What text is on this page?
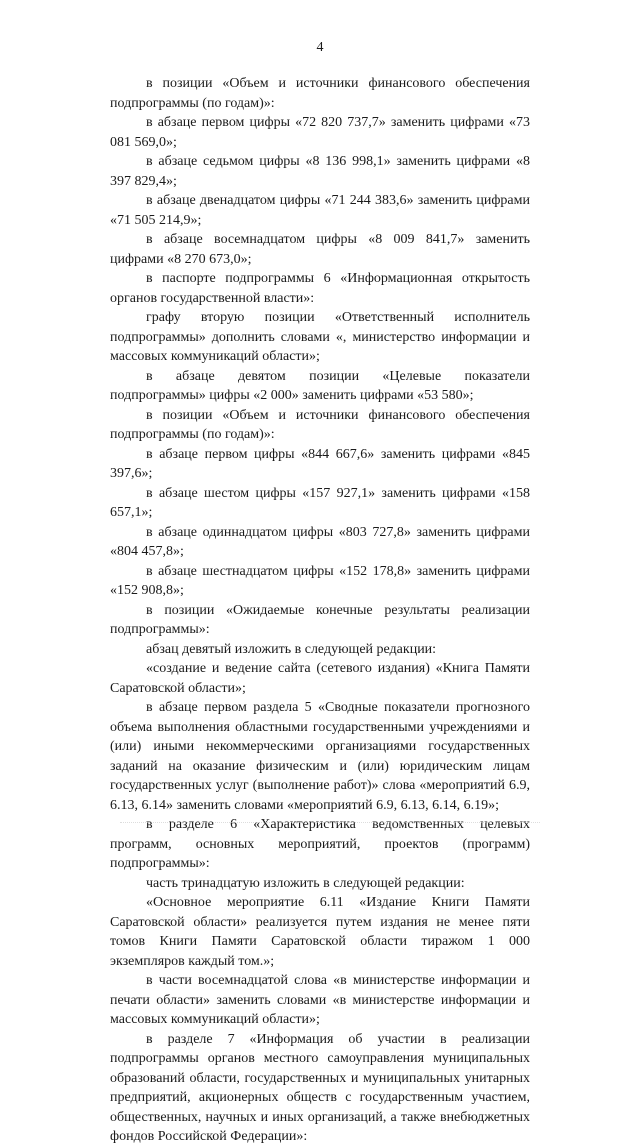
4

в позиции «Объем и источники финансового обеспечения подпрограммы (по годам)»:

в абзаце первом цифры «72 820 737,7» заменить цифрами «73 081 569,0»;

в абзаце седьмом цифры «8 136 998,1» заменить цифрами «8 397 829,4»;

в абзаце двенадцатом цифры «71 244 383,6» заменить цифрами «71 505 214,9»;

в абзаце восемнадцатом цифры «8 009 841,7» заменить цифрами «8 270 673,0»;

в паспорте подпрограммы 6 «Информационная открытость органов государственной власти»:

графу вторую позиции «Ответственный исполнитель подпрограммы» дополнить словами «, министерство информации и массовых коммуникаций области»;

в абзаце девятом позиции «Целевые показатели подпрограммы» цифры «2 000» заменить цифрами «53 580»;

в позиции «Объем и источники финансового обеспечения подпрограммы (по годам)»:

в абзаце первом цифры «844 667,6» заменить цифрами «845 397,6»;

в абзаце шестом цифры «157 927,1» заменить цифрами «158 657,1»;

в абзаце одиннадцатом цифры «803 727,8» заменить цифрами «804 457,8»;

в абзаце шестнадцатом цифры «152 178,8» заменить цифрами «152 908,8»;

в позиции «Ожидаемые конечные результаты реализации подпрограммы»:

абзац девятый изложить в следующей редакции:

«создание и ведение сайта (сетевого издания) «Книга Памяти Саратовской области»;

в абзаце первом раздела 5 «Сводные показатели прогнозного объема выполнения областными государственными учреждениями и (или) иными некоммерческими организациями государственных заданий на оказание физическим и (или) юридическим лицам государственных услуг (выполнение работ)» слова «мероприятий 6.9, 6.13, 6.14» заменить словами «мероприятий 6.9, 6.13, 6.14, 6.19»;

в разделе 6 «Характеристика ведомственных целевых программ, основных мероприятий, проектов (программ) подпрограммы»:

часть тринадцатую изложить в следующей редакции:

«Основное мероприятие 6.11 «Издание Книги Памяти Саратовской области» реализуется путем издания не менее пяти томов Книги Памяти Саратовской области тиражом 1 000 экземпляров каждый том.»;

в части восемнадцатой слова «в министерстве информации и печати области» заменить словами «в министерстве информации и массовых коммуникаций области»;

в разделе 7 «Информация об участии в реализации подпрограммы органов местного самоуправления муниципальных образований области, государственных и муниципальных унитарных предприятий, акционерных обществ с государственным участием, общественных, научных и иных организаций, а также внебюджетных фондов Российской Федерации»:
